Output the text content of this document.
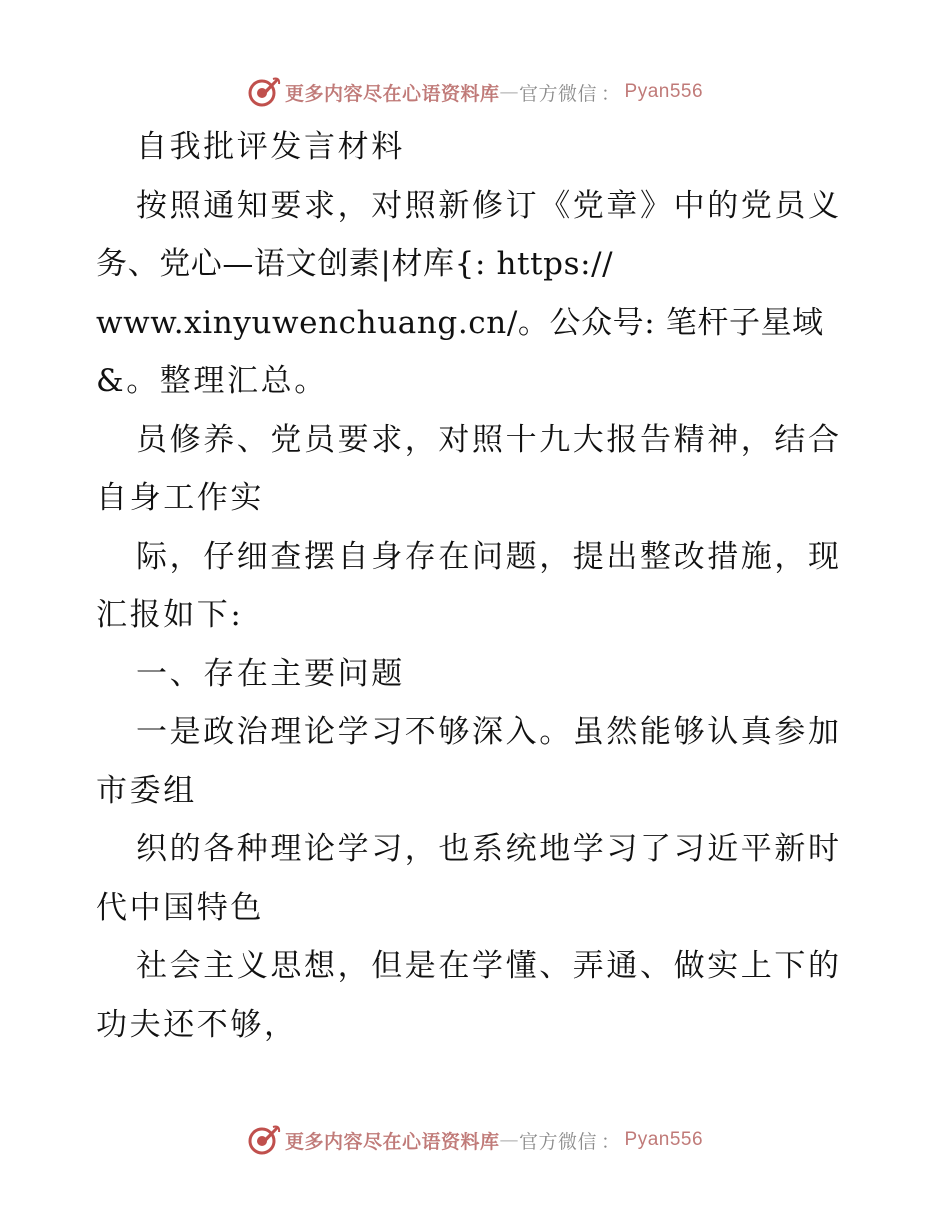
更多内容尽在心语资料库 — 官方微信 ： Pyan556
自我批评发言材料
按照通知要求，对照新修订《党章》中的党员义
务、党心—语文创素|材库{: https://
www.xinyuwenchuang.cn/。公众号: 笔杆子星域
&。整理汇总。
员修养、党员要求，对照十九大报告精神，结合
自身工作实
际，仔细查摆自身存在问题，提出整改措施，现
汇报如下:
一、存在主要问题
一是政治理论学习不够深入。虽然能够认真参加
市委组
织的各种理论学习，也系统地学习了习近平新时
代中国特色
社会主义思想，但是在学懂、弄通、做实上下的
功夫还不够，
更多内容尽在心语资料库 — 官方微信 ： Pyan556
